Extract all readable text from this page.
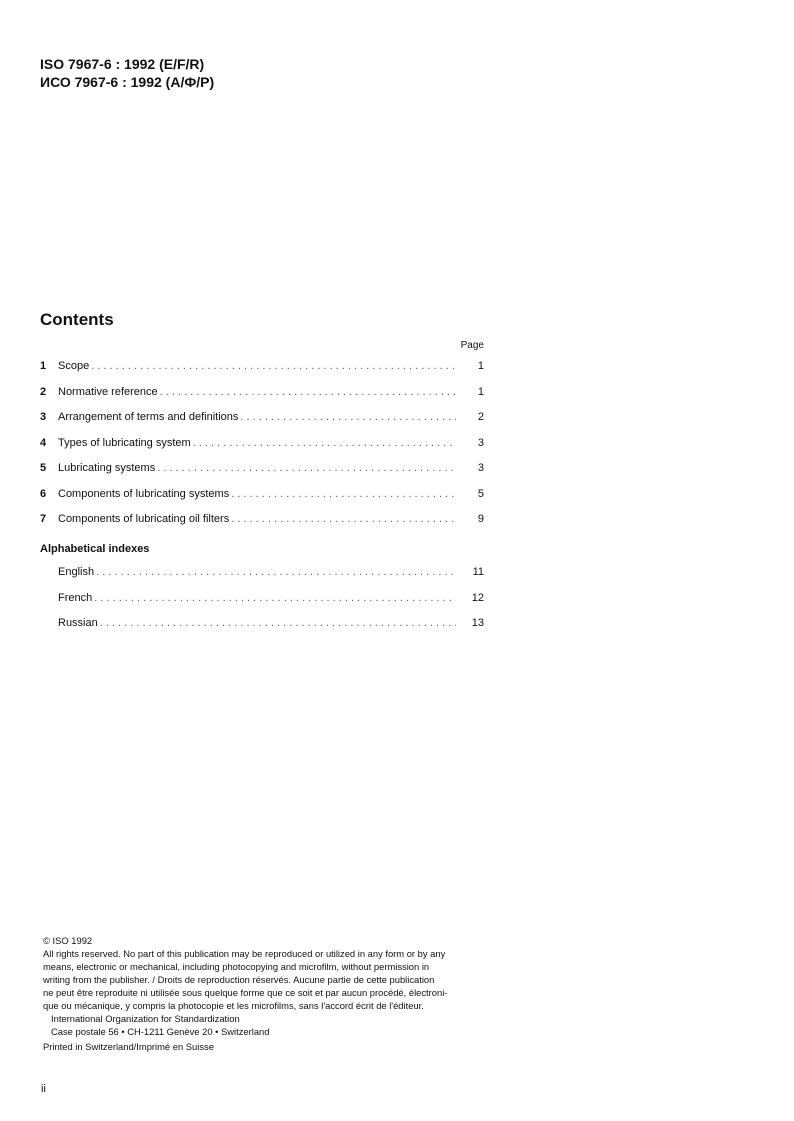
ISO 7967-6 : 1992 (E/F/R)
ИСО 7967-6 : 1992 (А/Ф/Р)
Contents
Page
1	Scope . . .	1
2	Normative reference . . .	1
3	Arrangement of terms and definitions . . .	2
4	Types of lubricating system . . .	3
5	Lubricating systems . . .	3
6	Components of lubricating systems . . .	5
7	Components of lubricating oil filters . . .	9
Alphabetical indexes
English . . .	11
French . . .	12
Russian . . .	13
© ISO 1992
All rights reserved. No part of this publication may be reproduced or utilized in any form or by any
means, electronic or mechanical, including photocopying and microfilm, without permission in
writing from the publisher. / Droits de reproduction réservés. Aucune partie de cette publication
ne peut être reproduite ni utilisée sous quelque forme que ce soit et par aucun procédé, électroni-
que ou mécanique, y compris la photocopie et les microfilms, sans l'accord écrit de l'éditeur.
International Organization for Standardization
Case postale 56 • CH-1211 Genève 20 • Switzerland
Printed in Switzerland/Imprimé en Suisse
ii
